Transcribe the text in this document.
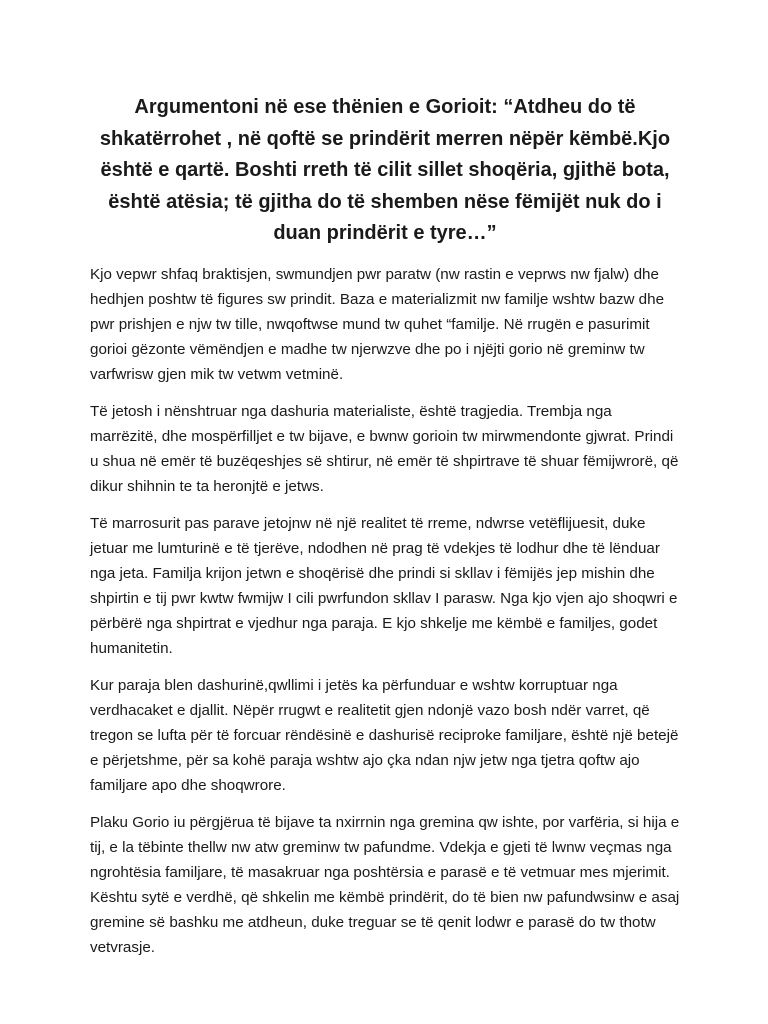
Argumentoni në ese thënien e Gorioit: “Atdheu do të shkatërrohet , në qoftë se prindërit merren nëpër këmbë.Kjo është e qartë. Boshti rreth të cilit sillet shoqëria, gjithë bota, është atësia; të gjitha do të shemben nëse fëmijët nuk do i duan prindërit e tyre…”

Kjo vepwr shfaq braktisjen, swmundjen pwr paratw (nw rastin e veprws nw fjalw) dhe hedhjen poshtw të figures sw prindit. Baza e materializmit nw familje wshtw bazw dhe pwr prishjen e njw tw tille, nwqoftwse mund tw quhet “familje. Në rrugën e pasurimit gorioi gëzonte vëmëndjen e madhe tw njerwzve dhe po i njëjti gorio në greminw tw varfwrisw gjen mik tw vetwm vetminë.

Të jetosh i nënshtruar nga dashuria materialiste, është tragjedia. Trembja nga marrëzitë, dhe mospërfilljet e tw bijave, e bwnw gorioin tw mirwmendonte gjwrat. Prindi u shua në emër të buzëqeshjes së shtirur, në emër të shpirtrave të shuar fëmijwrorë, që dikur shihnin te ta heronjtë e jetws.

Të marrosurit pas parave jetojnw në një realitet të rreme, ndwrse vetëflijuesit, duke jetuar me lumturinë e të tjerëve, ndodhen në prag të vdekjes të lodhur dhe të lënduar nga jeta. Familja krijon jetwn e shoqërisë dhe prindi si skllav i fëmijës jep mishin dhe shpirtin e tij pwr kwtw fwmijw I cili pwrfundon skllav I parasw. Nga kjo vjen ajo shoqwri e përbërë nga shpirtrat e vjedhur nga paraja. E kjo shkelje me këmbë e familjes, godet humanitetin.

Kur paraja blen dashurinë,qwllimi i jetës ka përfunduar e wshtw korruptuar nga verdhacaket e djallit. Nëpër rrugwt e realitetit gjen ndonjë vazo bosh ndër varret, që tregon se lufta për të forcuar rëndësinë e dashurisë reciproke familjare, është një betejë e përjetshme, për sa kohë paraja wshtw ajo çka ndan njw jetw nga tjetra qoftw ajo familjare apo dhe shoqwrore.

Plaku Gorio iu përgjërua të bijave ta nxirrnin nga gremina qw ishte, por varfëria, si hija e tij, e la tëbinte thellw nw atw greminw tw pafundme. Vdekja e gjeti të lwnw veçmas nga ngrohtësia familjare, të masakruar nga poshtërsia e parasë e të vetmuar mes mjerimit. Kështu sytë e verdhë, që shkelin me këmbë prindërit, do të bien nw pafundwsinw e asaj gremine së bashku me atdheun, duke treguar se të qenit lodwr e parasë do tw thotw vetvrasje.
